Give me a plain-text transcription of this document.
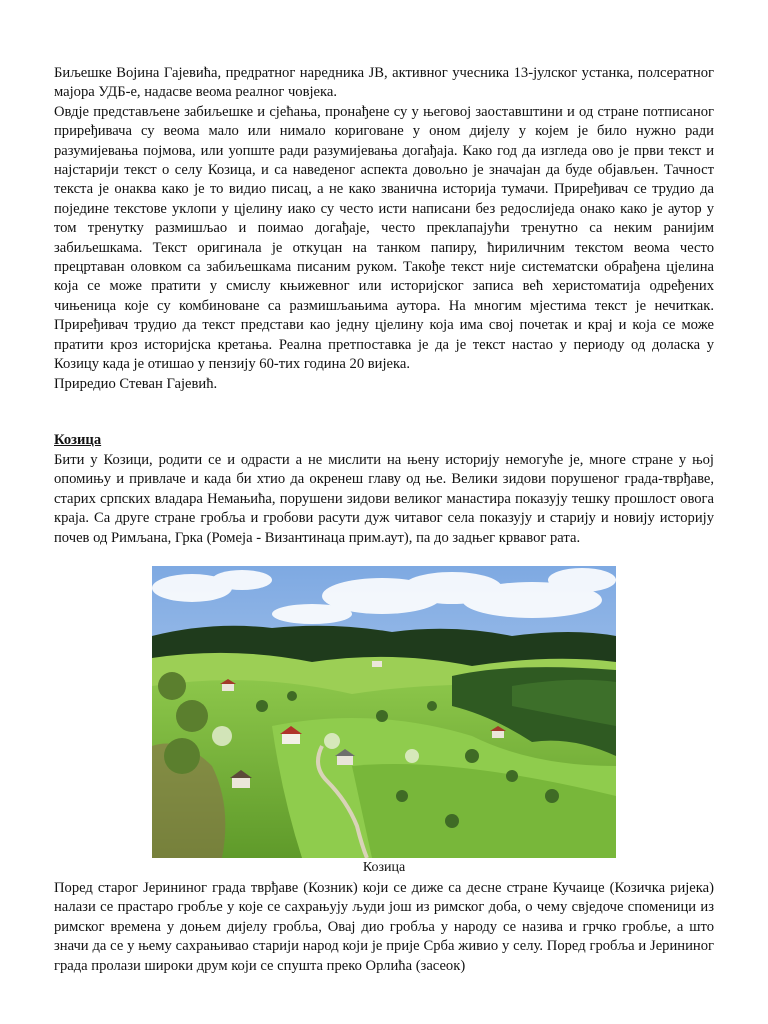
Биљешке Војина Гајевића, предратног наредника ЈВ, активног учесника 13-јулског устанка, полсератног мајора УДБ-е, надасве веома реалног човјека.

Овдје представљене забиљешке и сјећања, пронађене су у његовој заоставштини и од стране потписаног приређивача су веома мало или нимало кориговане у оном дијелу у којем је било нужно ради разумијевања појмова, или уопште ради разумијевања догађаја. Како год да изгледа ово је први текст и најстарији текст о селу Козица, и са наведеног аспекта довољно је значајан да буде објављен. Тачност текста је онаква како је то видио писац, а не како званична историја тумачи. Приређивач се трудио да поједине текстове уклопи у цјелину иако су често исти написани без редослиједа онако како је аутор у том тренутку размишљао и поимао догађаје, често преклапајући тренутно са неким ранијим забиљешкама. Текст оригинала је откуцан на танком папиру, ћириличним текстом веома често прецртаван оловком са забиљешкама писаним руком. Такође текст није систематски обрађена цјелина која се може пратити у смислу књижевног или историјског записа већ херистоматија одређених чињеница које су комбиноване са размишљањима аутора. На многим мјестима текст је нечиткак. Приређивач трудио да текст представи као једну цјелину која има свој почетак и крај и која се може пратити кроз историјска кретања. Реална претпоставка је да је текст настао у периоду од доласка у Козицу када је отишао у пензију 60-тих година 20 вијека.

Приредио Стеван Гајевић.

Козица

Бити у Козици, родити се и одрасти а не мислити на њену историју немогуће је, многе стране у њој опомињу и привлаче и када би хтио да окренеш главу од ње. Велики зидови порушеног града-тврђаве, старих српских владара Немањића, порушени зидови великог манастира показују тешку прошлост овога краја. Са друге стране гробља и гробови расути дуж читавог села показују и старију и новију историју почев од Римљана, Грка (Ромеја - Византинаца прим.аут), па до задњег крвавог рата.

Козица

Поред старог Јерининог града тврђаве (Козник) који се диже са десне стране Кучаице (Козичка ријека) налази се прастаро гробље у које се сахрањују људи још из римског доба, о чему свједоче споменици из римског времена у доњем дијелу гробља, Овај дио гробља у народу се назива и грчко гробље, а што значи да се у њему сахрањивао старији народ који је прије Срба живио у селу. Поред гробља и Јерининог града пролази широки друм који се спушта преко Орлића (засеок)
